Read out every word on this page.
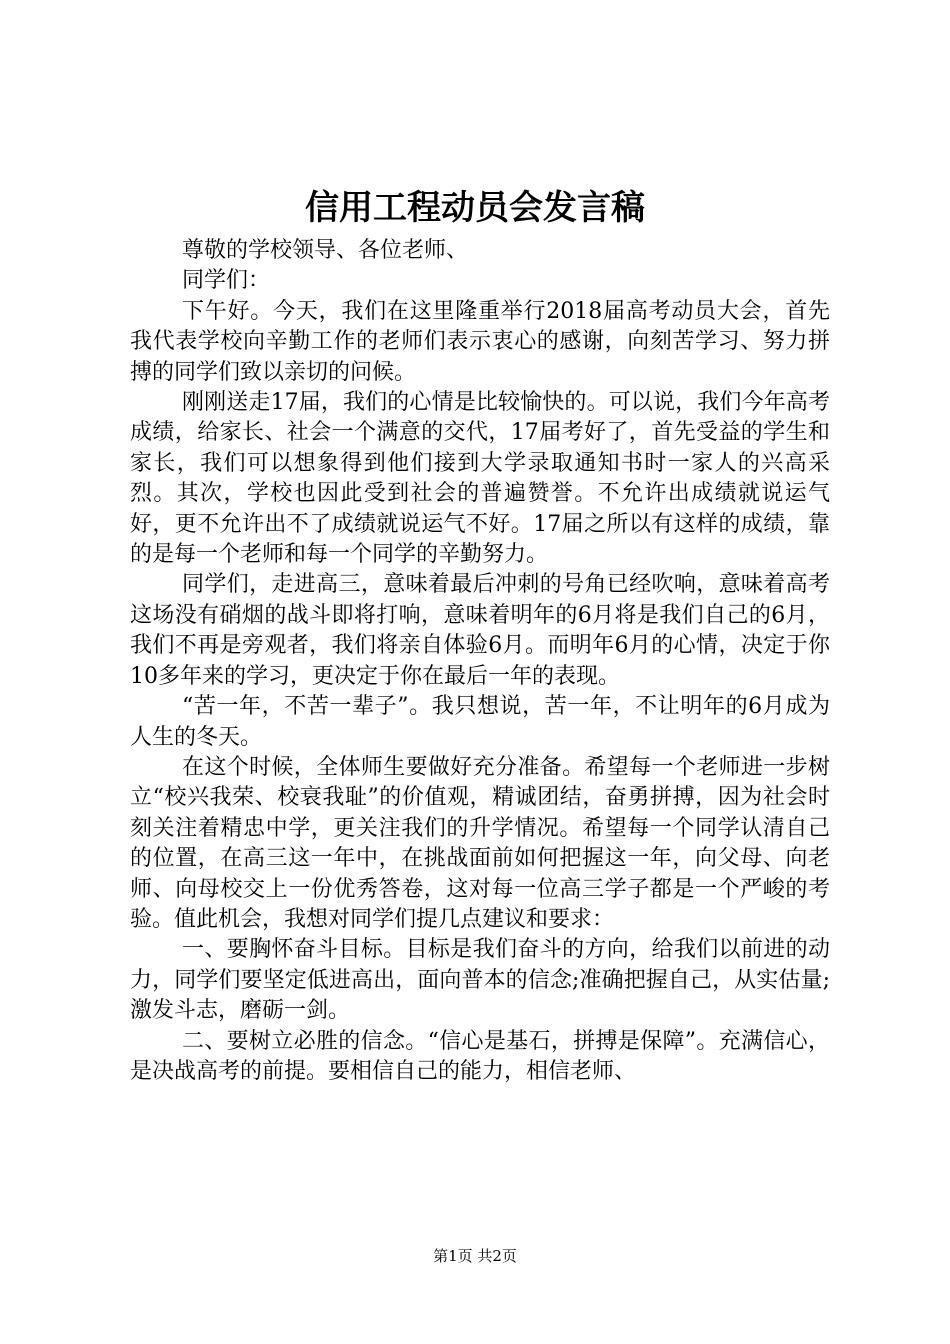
信用工程动员会发言稿

尊敬的学校领导、各位老师、

同学们：

下午好。今天，我们在这里隆重举行2018届高考动员大会，首先我代表学校向辛勤工作的老师们表示衷心的感谢，向刻苦学习、努力拼搏的同学们致以亲切的问候。

刚刚送走17届，我们的心情是比较愉快的。可以说，我们今年高考成绩，给家长、社会一个满意的交代，17届考好了，首先受益的学生和家长，我们可以想象得到他们接到大学录取通知书时一家人的兴高采烈。其次，学校也因此受到社会的普遍赞誉。不允许出成绩就说运气好，更不允许出不了成绩就说运气不好。17届之所以有这样的成绩，靠的是每一个老师和每一个同学的辛勤努力。

同学们，走进高三，意味着最后冲刺的号角已经吹响，意味着高考这场没有硝烟的战斗即将打响，意味着明年的6月将是我们自己的6月，我们不再是旁观者，我们将亲自体验6月。而明年6月的心情，决定于你10多年来的学习，更决定于你在最后一年的表现。

“苦一年，不苦一辈子”。我只想说，苦一年，不让明年的6月成为人生的冬天。

在这个时候，全体师生要做好充分准备。希望每一个老师进一步树立“校兴我荣、校衰我耻”的价值观，精诚团结，奋勇拼搏，因为社会时刻关注着精忠中学，更关注我们的升学情况。希望每一个同学认清自己的位置，在高三这一年中，在挑战面前如何把握这一年，向父母、向老师、向母校交上一份优秀答卷，这对每一位高三学子都是一个严峻的考验。值此机会，我想对同学们提几点建议和要求：

一、要胸怀奋斗目标。目标是我们奋斗的方向，给我们以前进的动力，同学们要坚定低进高出，面向普本的信念;准确把握自己，从实估量;激发斗志，磨砺一剑。

二、要树立必胜的信念。“信心是基石，拼搏是保障”。充满信心，是决战高考的前提。要相信自己的能力，相信老师、

第1页 共2页
